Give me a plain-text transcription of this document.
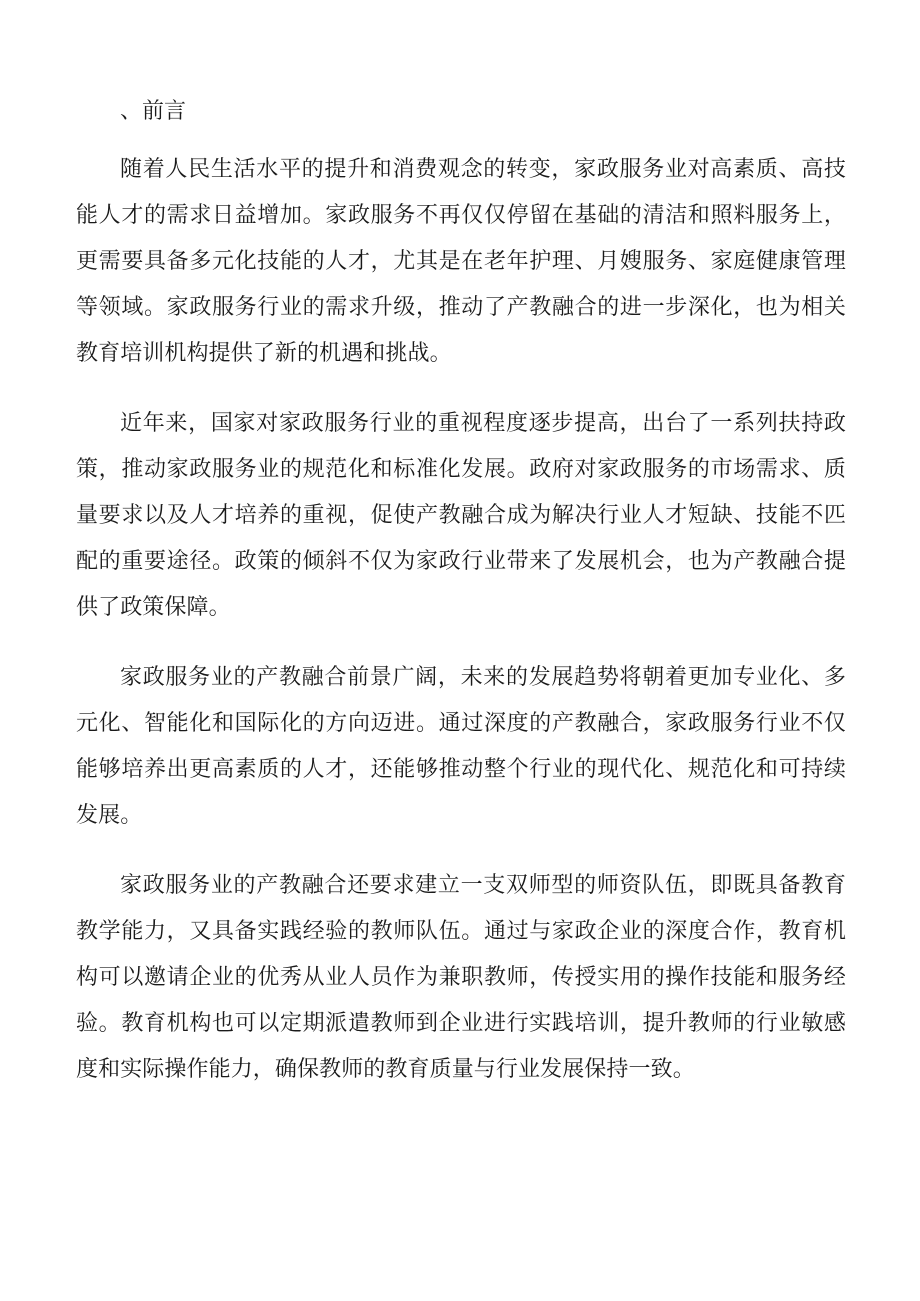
、前言

随着人民生活水平的提升和消费观念的转变，家政服务业对高素质、高技能人才的需求日益增加。家政服务不再仅仅停留在基础的清洁和照料服务上，更需要具备多元化技能的人才，尤其是在老年护理、月嫂服务、家庭健康管理等领域。家政服务行业的需求升级，推动了产教融合的进一步深化，也为相关教育培训机构提供了新的机遇和挑战。

近年来，国家对家政服务行业的重视程度逐步提高，出台了一系列扶持政策，推动家政服务业的规范化和标准化发展。政府对家政服务的市场需求、质量要求以及人才培养的重视，促使产教融合成为解决行业人才短缺、技能不匹配的重要途径。政策的倾斜不仅为家政行业带来了发展机会，也为产教融合提供了政策保障。

家政服务业的产教融合前景广阔，未来的发展趋势将朝着更加专业化、多元化、智能化和国际化的方向迈进。通过深度的产教融合，家政服务行业不仅能够培养出更高素质的人才，还能够推动整个行业的现代化、规范化和可持续发展。

家政服务业的产教融合还要求建立一支双师型的师资队伍，即既具备教育教学能力，又具备实践经验的教师队伍。通过与家政企业的深度合作，教育机构可以邀请企业的优秀从业人员作为兼职教师，传授实用的操作技能和服务经验。教育机构也可以定期派遣教师到企业进行实践培训，提升教师的行业敏感度和实际操作能力，确保教师的教育质量与行业发展保持一致。
